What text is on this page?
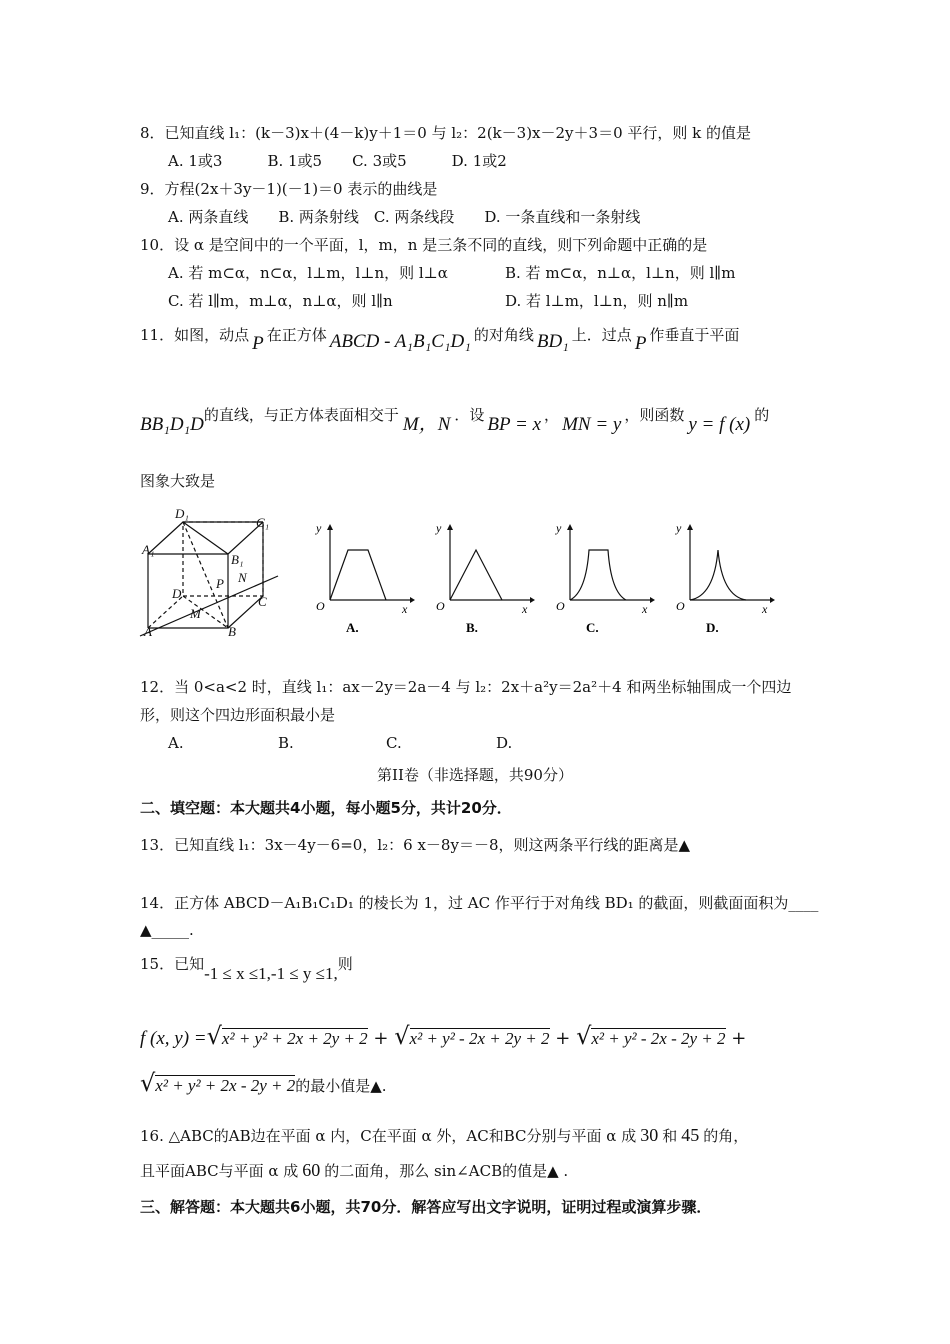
8．已知直线 l₁：(k－3)x＋(4－k)y＋1＝0 与 l₂：2(k－3)x－2y＋3＝0 平行，则 k 的值是
A. 1或3　　　B. 1或5　　C. 3或5　　　D. 1或2
9．方程(2x＋3y－1)(－1)＝0 表示的曲线是
A. 两条直线　　B. 两条射线　C. 两条线段　　D. 一条直线和一条射线
10．设 α 是空间中的一个平面，l，m，n 是三条不同的直线，则下列命题中正确的是
A. 若 m⊂α，n⊂α，l⊥m，l⊥n，则 l⊥α	B. 若 m⊂α，n⊥α，l⊥n，则 l∥m
C. 若 l∥m，m⊥α，n⊥α，则 l∥n	D. 若 l⊥m，l⊥n，则 n∥m
11．如图，动点 P 在正方体 ABCD - A₁B₁C₁D₁ 的对角线 BD₁ 上．过点 P 作垂直于平面
BB₁D₁D的直线，与正方体表面相交于 M，N ．设 BP = x ， MN = y ，则函数 y = f (x) 的
图象大致是
D₁
C₁
A₁
B₁
P N
D
C
M
A	B
y
O	x
A.
y
O	x
B.
y
O	x
C.
y
O	x
D.
12．当 0<a<2 时，直线 l₁：ax－2y＝2a－4 与 l₂：2x＋a²y＝2a²＋4 和两坐标轴围成一个四边
形，则这个四边形面积最小是
A.	B.	C.	D.
第II卷（非选择题，共90分）
二、填空题：本大题共4小题，每小题5分，共计20分．
13．已知直线 l₁：3x－4y－6=0，l₂：6 x－8y＝－8，则这两条平行线的距离是▲
14．正方体 ABCD－A₁B₁C₁D₁ 的棱长为 1，过 AC 作平行于对角线 BD₁ 的截面，则截面面积为____
▲_____.
15．已知-1 ≤ x ≤1,-1 ≤ y ≤1,则
f (x, y) =√x² + y² + 2x + 2y + 2 + √x² + y² - 2x + 2y + 2 + √x² + y² - 2x - 2y + 2 +
√x² + y² + 2x - 2y + 2的最小值是▲.
16. △ABC的AB边在平面 α 内，C在平面 α 外，AC和BC分别与平面 α 成 30 和 45 的角，
且平面ABC与平面 α 成 60 的二面角，那么 sin∠ACB的值是▲ .
三、解答题：本大题共6小题，共70分．解答应写出文字说明，证明过程或演算步骤．
